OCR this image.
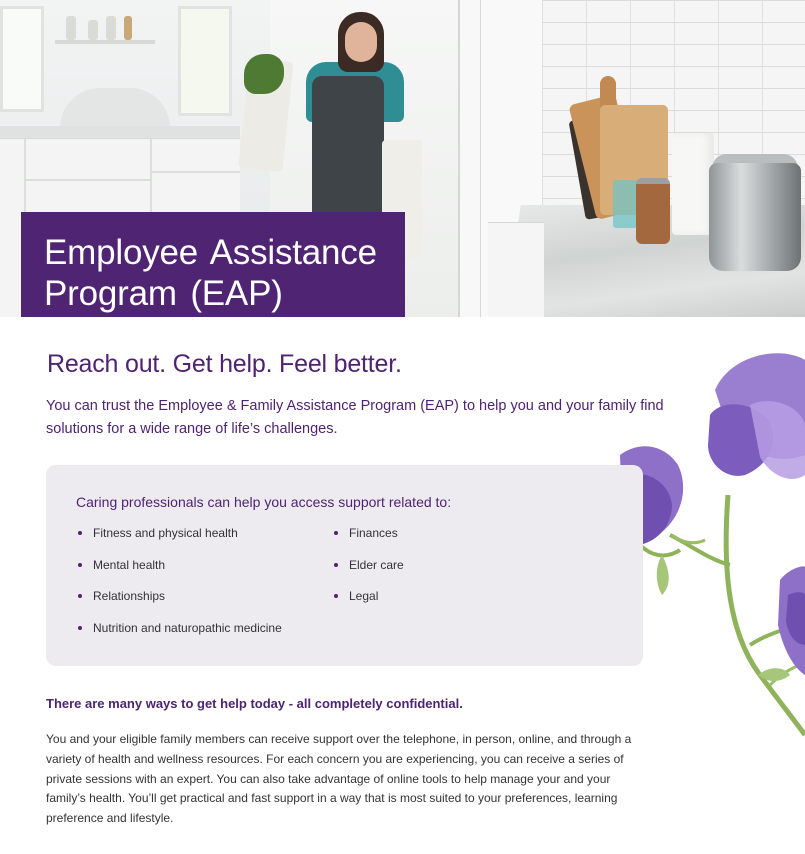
Employee Assistance

Program (EAP)

Reach out. Get help. Feel better.

You can trust the Employee & Family Assistance Program (EAP) to help you and your family find solutions for a wide range of life’s challenges.

Caring professionals can help you access support related to:

Fitness and physical health
Mental health
Relationships
Nutrition and naturopathic medicine
Finances
Elder care
Legal
There are many ways to get help today - all completely confidential.

You and your eligible family members can receive support over the telephone, in person, online, and through a variety of health and wellness resources. For each concern you are experiencing, you can receive a series of private sessions with an expert. You can also take advantage of online tools to help manage your and your family’s health. You’ll get practical and fast support in a way that is most suited to your preferences, learning preference and lifestyle.
